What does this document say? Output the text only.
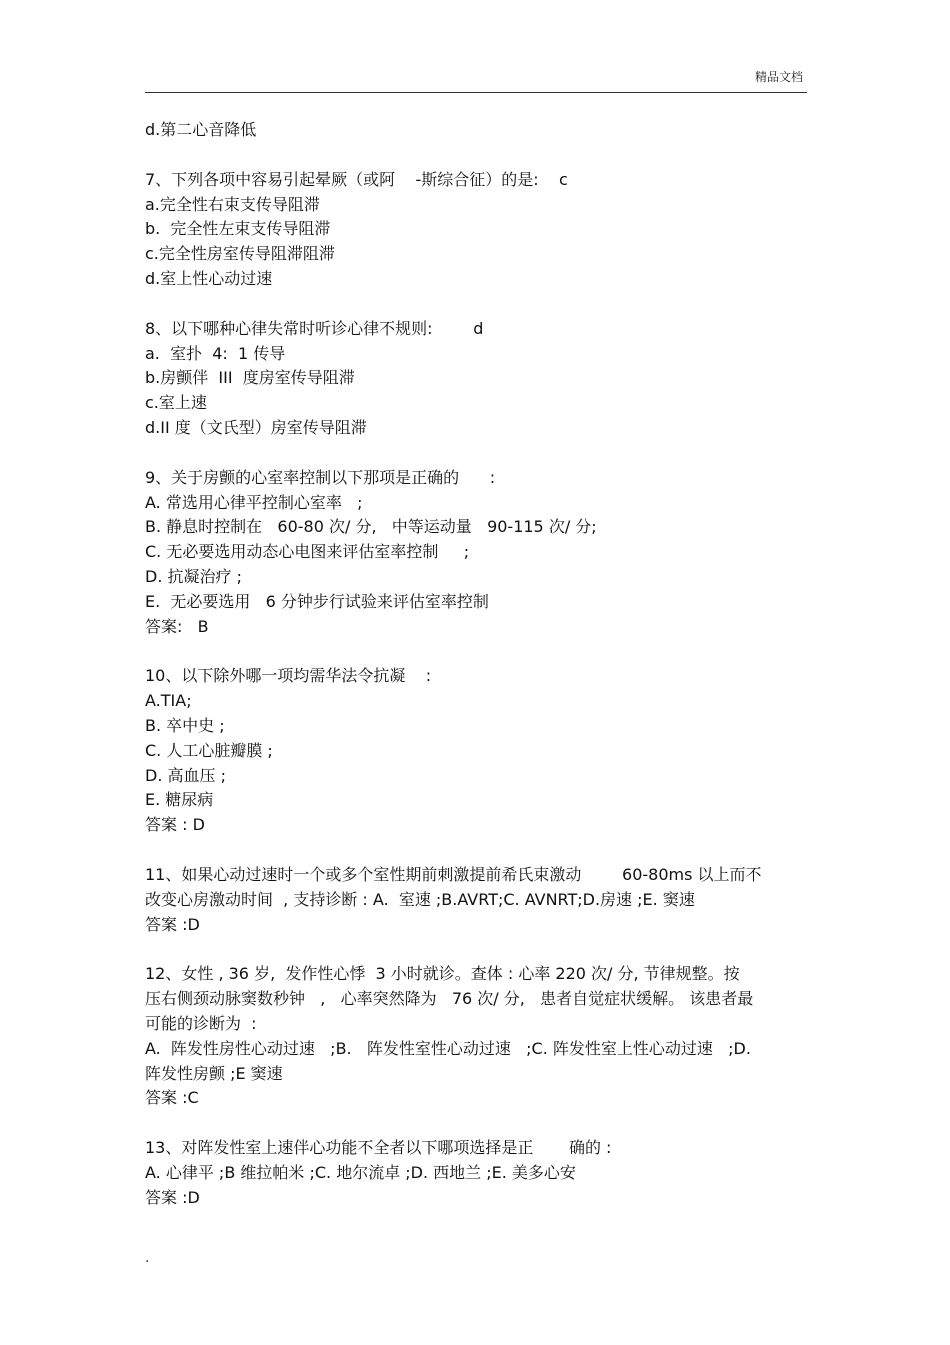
精品文档

d.第二心音降低

7、下列各项中容易引起晕厥（或阿    -斯综合征）的是:    c

a.完全性右束支传导阻滞

b.  完全性左束支传导阻滞

c.完全性房室传导阻滞阻滞

d.室上性心动过速

8、以下哪种心律失常时听诊心律不规则:        d

a.  室扑  4:  1 传导

b.房颤伴  III  度房室传导阻滞

c.室上速

d.II 度（文氏型）房室传导阻滞

9、关于房颤的心室率控制以下那项是正确的      :

A. 常选用心律平控制心室率   ;

B. 静息时控制在   60-80 次/ 分,   中等运动量   90-115 次/ 分;

C. 无必要选用动态心电图来评估室率控制     ;

D. 抗凝治疗 ;

E.  无必要选用   6 分钟步行试验来评估室率控制

答案:   B

10、以下除外哪一项均需华法令抗凝    :

A.TIA;

B. 卒中史 ;

C. 人工心脏瓣膜 ;

D. 高血压 ;

E. 糖尿病

答案 : D

11、如果心动过速时一个或多个室性期前刺激提前希氏束激动        60-80ms 以上而不

改变心房激动时间  , 支持诊断 : A.  室速 ;B.AVRT;C. AVNRT;D.房速 ;E. 窦速

答案 :D

12、女性 , 36 岁,  发作性心悸  3 小时就诊。查体 : 心率 220 次/ 分, 节律规整。按

压右侧颈动脉窦数秒钟   ,   心率突然降为   76 次/ 分,   患者自觉症状缓解。 该患者最

可能的诊断为  :

A.  阵发性房性心动过速   ;B.   阵发性室性心动过速   ;C. 阵发性室上性心动过速   ;D.

阵发性房颤 ;E 窦速

答案 :C

13、对阵发性室上速伴心功能不全者以下哪项选择是正       确的 :

A. 心律平 ;B 维拉帕米 ;C. 地尔流卓 ;D. 西地兰 ;E. 美多心安

答案 :D

.
